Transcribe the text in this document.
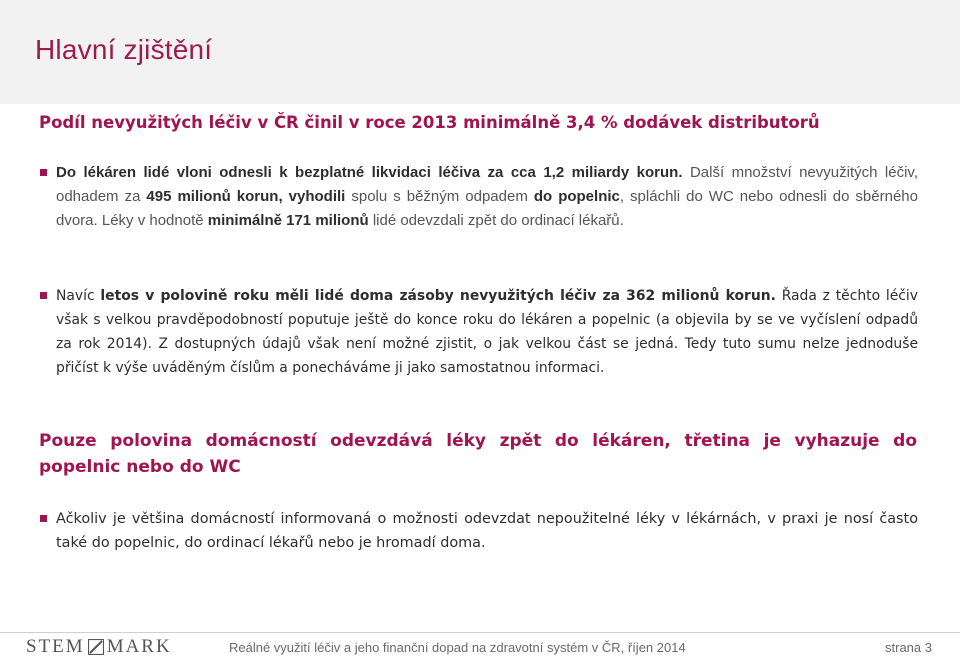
Hlavní zjištění

Podíl nevyužitých léčiv v ČR činil v roce 2013 minimálně 3,4 % dodávek distributorů

Do lékáren lidé vloni odnesli k bezplatné likvidaci léčiva za cca 1,2 miliardy korun. Další množství nevyužitých léčiv, odhadem za 495 milionů korun, vyhodili spolu s běžným odpadem do popelnic, spláchli do WC nebo odnesli do sběrného dvora. Léky v hodnotě minimálně 171 milionů lidé odevzdali zpět do ordinací lékařů.
Navíc letos v polovině roku měli lidé doma zásoby nevyužitých léčiv za 362 milionů korun. Řada z těchto léčiv však s velkou pravděpodobností poputuje ještě do konce roku do lékáren a popelnic (a objevila by se ve vyčíslení odpadů za rok 2014). Z dostupných údajů však není možné zjistit, o jak velkou část se jedná. Tedy tuto sumu nelze jednoduše přičíst k výše uváděným číslům a ponecháváme ji jako samostatnou informaci.

Pouze polovina domácností odevzdává léky zpět do lékáren, třetina je vyhazuje do popelnic nebo do WC

Ačkoliv je většina domácností informovaná o možnosti odevzdat nepoužitelné léky v lékárnách, v praxi je nosí často také do popelnic, do ordinací lékařů nebo je hromadí doma.
STEM MARK	Reálné využití léčiv a jeho finanční dopad na zdravotní systém v ČR, říjen 2014	strana 3
